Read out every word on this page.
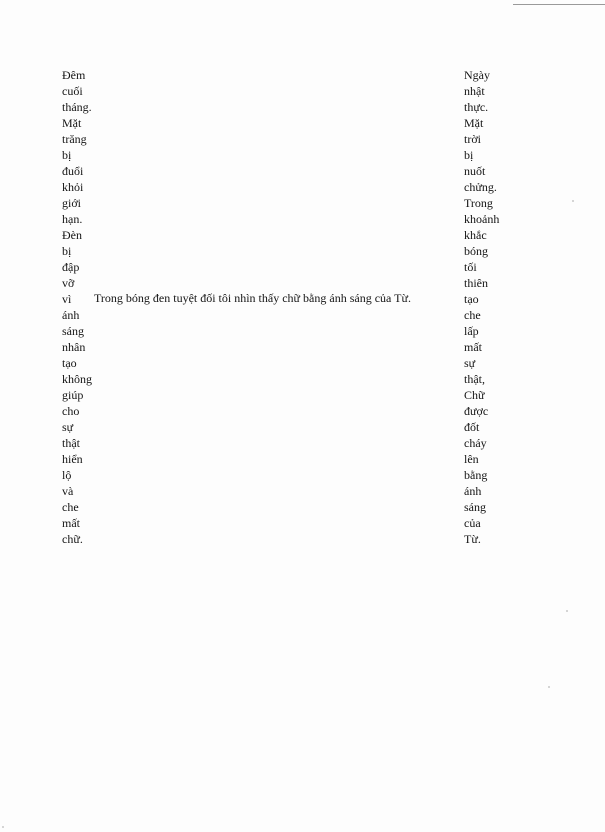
Đêm
cuối
tháng.
Mặt
trăng
bị
đuổi
khỏi
giới
hạn.
Đèn
bị
đập
vỡ
vì
ánh
sáng
nhân
tạo
không
giúp
cho
sự
thật
hiển
lộ
và
che
mất
chữ.
Trong bóng đen tuyệt đối tôi nhìn thấy chữ bằng ánh sáng của Từ.
Ngày
nhật
thực.
Mặt
trời
bị
nuốt
chửng.
Trong
khoảnh
khắc
bóng
tối
thiên
tạo
che
lấp
mất
sự
thật,
Chữ
được
đốt
cháy
lên
bằng
ánh
sáng
của
Từ.
